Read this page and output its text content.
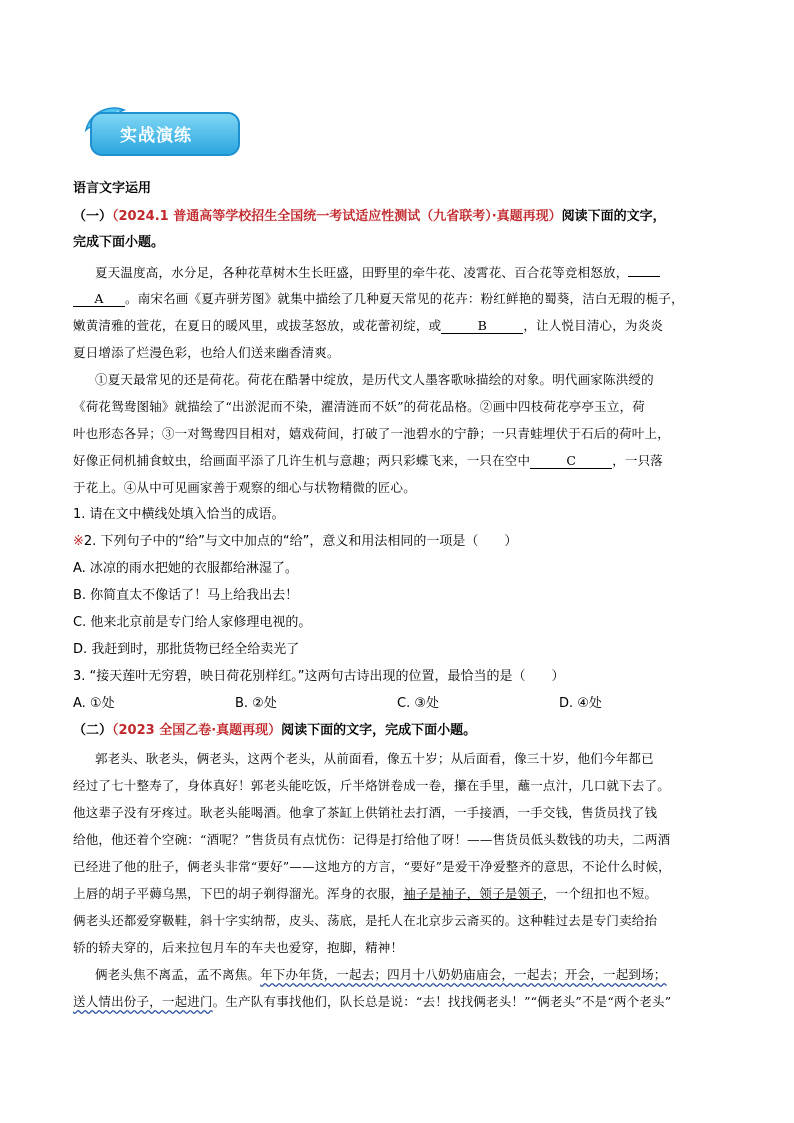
实战演练
语言文字运用
（一）（2024.1 普通高等学校招生全国统一考试适应性测试（九省联考）·真题再现）阅读下面的文字，
完成下面小题。
夏天温度高，水分足，各种花草树木生长旺盛，田野里的牵牛花、凌霄花、百合花等竞相怒放，
A 。南宋名画《夏卉骈芳图》就集中描绘了几种夏天常见的花卉：粉红鲜艳的蜀葵，洁白无瑕的栀子，
嫩黄清雅的萱花，在夏日的暖风里，或拔茎怒放，或花蕾初绽，或	B	，让人悦目清心，为炎炎
夏日增添了烂漫色彩，也给人们送来幽香清爽。
①夏天最常见的还是荷花。荷花在酷暑中绽放，是历代文人墨客歌咏描绘的对象。明代画家陈洪绶的
《荷花鸳鸯图轴》就描绘了“出淤泥而不染，濯清涟而不妖”的荷花品格。②画中四枝荷花亭亭玉立，荷
叶也形态各异；③一对鸳鸯四目相对，嬉戏荷间，打破了一池碧水的宁静；一只青蛙埋伏于石后的荷叶上，
好像正伺机捕食蚊虫，给画面平添了几许生机与意趣；两只彩蝶飞来，一只在空中	C	，一只落
于花上。④从中可见画家善于观察的细心与状物精微的匠心。
1. 请在文中横线处填入恰当的成语。
※2. 下列句子中的“给”与文中加点的“给”，意义和用法相同的一项是（　　）
A. 冰凉的雨水把她的衣服都给淋湿了。
B. 你简直太不像话了！马上给我出去！
C. 他来北京前是专门给人家修理电视的。
D. 我赶到时，那批货物已经全给卖光了
3. “接天莲叶无穷碧，映日荷花别样红。”这两句古诗出现的位置，最恰当的是（　　）
A. ①处	B. ②处	C. ③处	D. ④处
（二）（2023 全国乙卷·真题再现）阅读下面的文字，完成下面小题。
郭老头、耿老头，俩老头，这两个老头，从前面看，像五十岁；从后面看，像三十岁，他们今年都已
经过了七十整寿了，身体真好！郭老头能吃饭，斤半烙饼卷成一卷，攥在手里，蘸一点汁，几口就下去了。
他这辈子没有牙疼过。耿老头能喝酒。他拿了茶缸上供销社去打酒，一手接酒，一手交钱，售货员找了钱
给他，他还着个空碗：“酒呢？”售货员有点忧伤：记得是打给他了呀！——售货员低头数钱的功夫，二两酒
已经进了他的肚子，俩老头非常“要好”——这地方的方言，“要好”是爱干净爱整齐的意思，不论什么时候，
上唇的胡子平薅乌黑，下巴的胡子剃得溜光。浑身的衣服，袖子是袖子，领子是领子，一个纽扣也不短。
俩老头还都爱穿靸鞋，斜十字实纳帮，皮头、荡底，是托人在北京步云斋买的。这种鞋过去是专门卖给抬
轿的轿夫穿的，后来拉包月车的车夫也爱穿，抱脚，精神！
俩老头焦不离孟，孟不离焦。年下办年货，一起去；四月十八奶奶庙庙会，一起去；开会，一起到场；
送人情出份子，一起进门。生产队有事找他们，队长总是说：“去！找找俩老头！”“俩老头”不是“两个老头”
